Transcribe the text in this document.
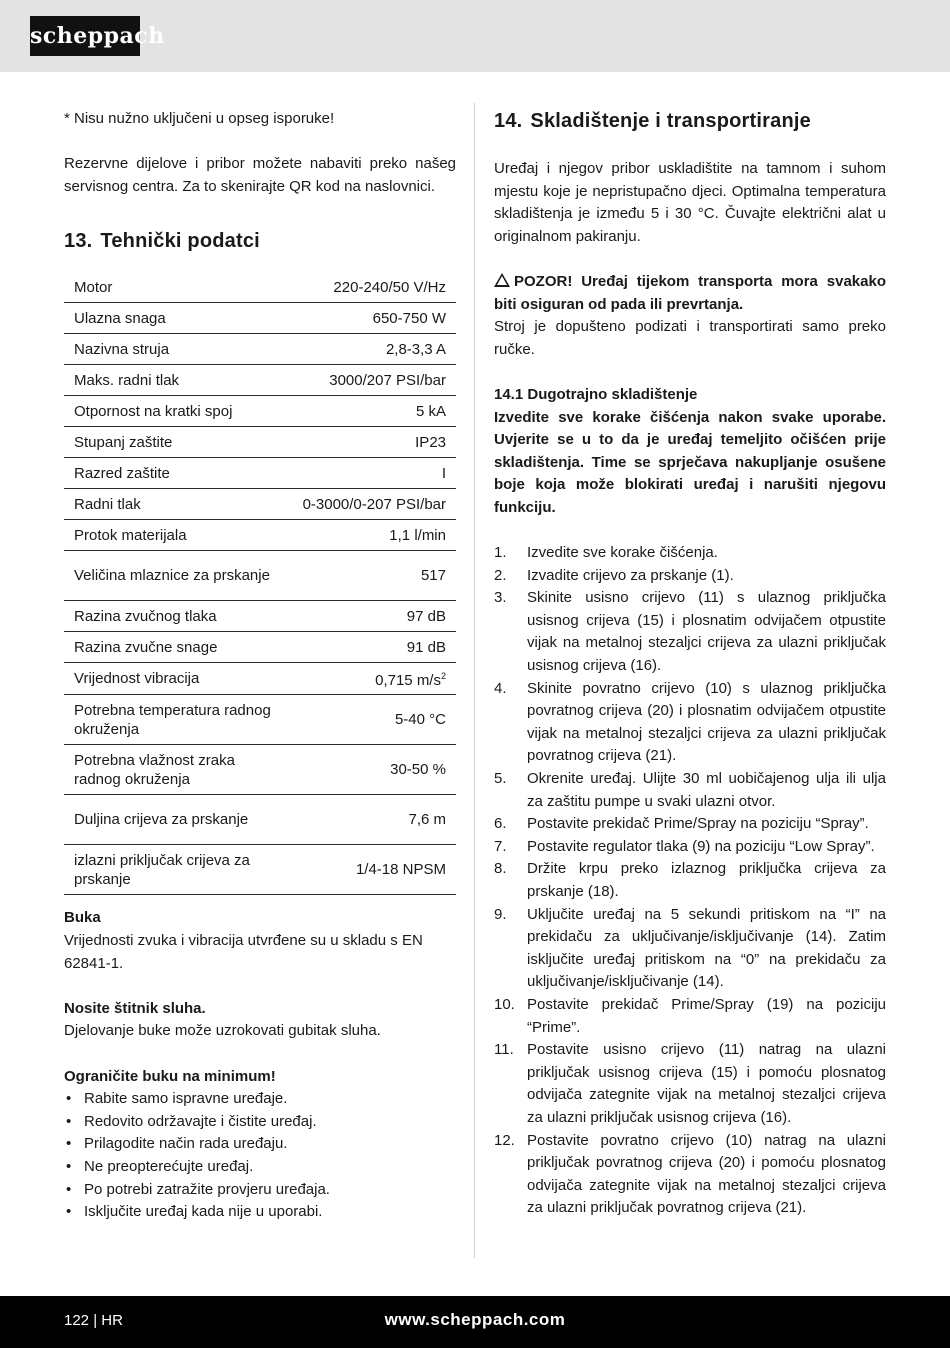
scheppach

* Nisu nužno uključeni u opseg isporuke!

Rezervne dijelove i pribor možete nabaviti preko našeg servisnog centra. Za to skenirajte QR kod na naslovnici.

13. Tehnički podatci
Motor	220-240/50 V/Hz
Ulazna snaga	650-750 W
Nazivna struja	2,8-3,3 A
Maks. radni tlak	3000/207 PSI/bar
Otpornost na kratki spoj	5 kA
Stupanj zaštite	IP23
Razred zaštite	I
Radni tlak	0-3000/0-207 PSI/bar
Protok materijala	1,1 l/min
Veličina mlaznice za prskanje	517
Razina zvučnog tlaka	97 dB
Razina zvučne snage	91 dB
Vrijednost vibracija	0,715 $m/s^2$
Potrebna temperatura radnog okruženja	5-40 °C
Potrebna vlažnost zraka radnog okruženja	30-50 %
Duljina crijeva za prskanje	7,6 m
izlazni priključak crijeva za prskanje	1/4-18 NPSM

Buka

Vrijednosti zvuka i vibracija utvrđene su u skladu s EN 62841-1.

Nosite štitnik sluha.

Djelovanje buke može uzrokovati gubitak sluha.

Ograničite buku na minimum!

• Rabite samo ispravne uređaje.
• Redovito održavajte i čistite uređaj.
• Prilagodite način rada uređaju.
• Ne preopterećujte uređaj.
• Po potrebi zatražite provjeru uređaja.
• Isključite uređaj kada nije u uporabi.
14. Skladištenje i transportiranje

Uređaj i njegov pribor uskladištite na tamnom i suhom mjestu koje je nepristupačno djeci. Optimalna temperatura skladištenja je između 5 i 30 °C. Čuvajte električni alat u originalnom pakiranju.

POZOR! Uređaj tijekom transporta mora svakako biti osiguran od pada ili prevrtanja.

Stroj je dopušteno podizati i transportirati samo preko ručke.

14.1 Dugotrajno skladištenje

Izvedite sve korake čišćenja nakon svake uporabe. Uvjerite se u to da je uređaj temeljito očišćen prije skladištenja. Time se sprječava nakupljanje osušene boje koja može blokirati uređaj i narušiti njegovu funkciju.

1. Izvedite sve korake čišćenja.
2. Izvadite crijevo za prskanje (1).
3. Skinite usisno crijevo (11) s ulaznog priključka usisnog crijeva (15) i plosnatim odvijačem otpustite vijak na metalnoj stezaljci crijeva za ulazni priključak usisnog crijeva (16).
4. Skinite povratno crijevo (10) s ulaznog priključka povratnog crijeva (20) i plosnatim odvijačem otpustite vijak na metalnoj stezaljci crijeva za ulazni priključak povratnog crijeva (21).
5. Okrenite uređaj. Ulijte 30 ml uobičajenog ulja ili ulja za zaštitu pumpe u svaki ulazni otvor.
6. Postavite prekidač Prime/Spray na poziciju “Spray”.
7. Postavite regulator tlaka (9) na poziciju “Low Spray”.
8. Držite krpu preko izlaznog priključka crijeva za prskanje (18).
9. Uključite uređaj na 5 sekundi pritiskom na “I” na prekidaču za uključivanje/isključivanje (14). Zatim isključite uređaj pritiskom na “0” na prekidaču za uključivanje/isključivanje (14).
10. Postavite prekidač Prime/Spray (19) na poziciju “Prime”.
11. Postavite usisno crijevo (11) natrag na ulazni priključak usisnog crijeva (15) i pomoću plosnatog odvijača zategnite vijak na metalnoj stezaljci crijeva za ulazni priključak usisnog crijeva (16).
12. Postavite povratno crijevo (10) natrag na ulazni priključak povratnog crijeva (20) i pomoću plosnatog odvijača zategnite vijak na metalnoj stezaljci crijeva za ulazni priključak povratnog crijeva (21).
122 | HR	www.scheppach.com
